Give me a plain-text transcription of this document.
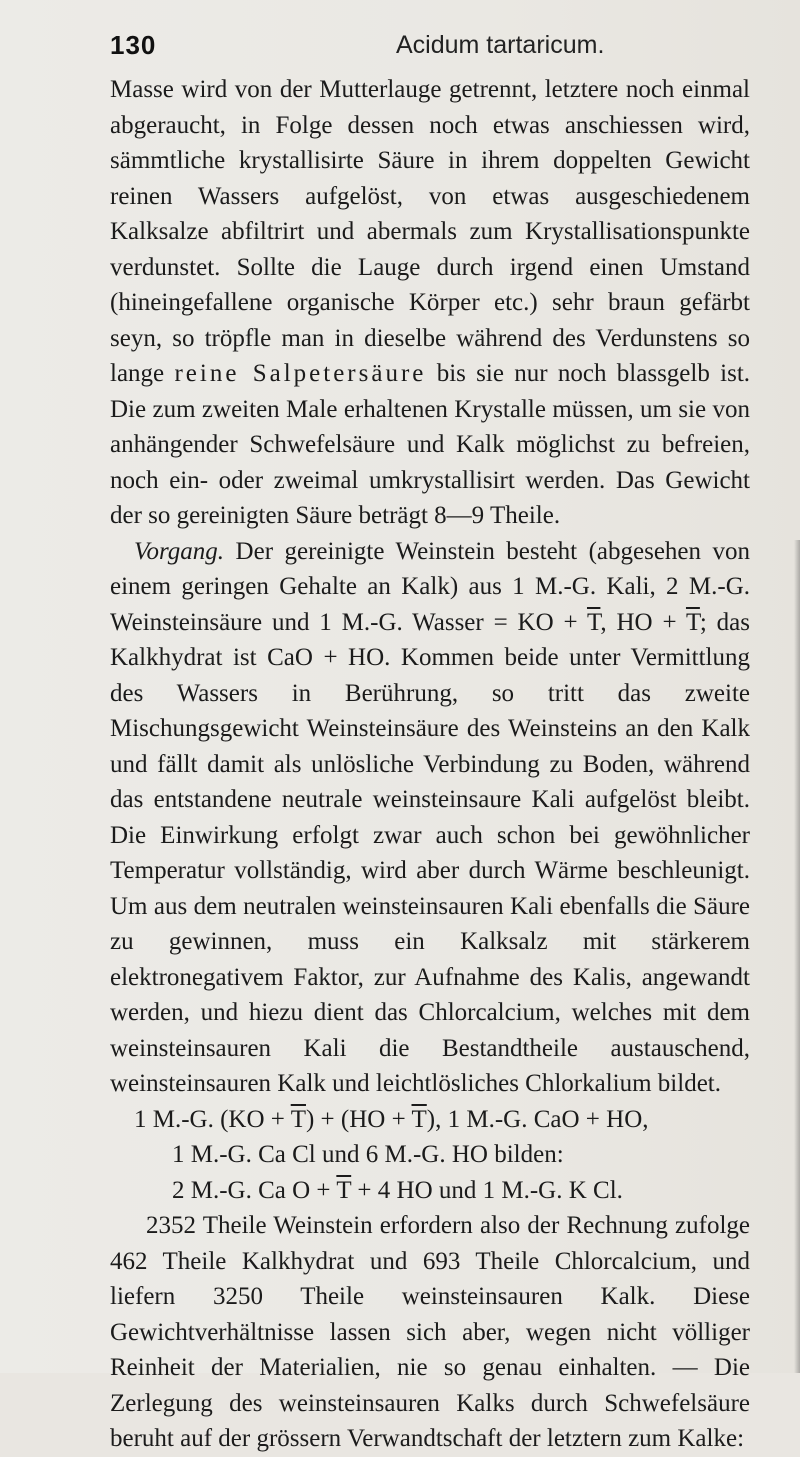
130	Acidum tartaricum.

Masse wird von der Mutterlauge getrennt, letztere noch einmal abgeraucht, in Folge dessen noch etwas anschiessen wird, sämmtliche krystallisirte Säure in ihrem doppelten Gewicht reinen Wassers aufgelöst, von etwas ausgeschiedenem Kalksalze abfiltrirt und abermals zum Krystallisationspunkte verdunstet. Sollte die Lauge durch irgend einen Umstand (hineingefallene organische Körper etc.) sehr braun gefärbt seyn, so tröpfle man in dieselbe während des Verdunstens so lange reine Salpetersäure bis sie nur noch blassgelb ist. Die zum zweiten Male erhaltenen Krystalle müssen, um sie von anhängender Schwefelsäure und Kalk möglichst zu befreien, noch ein- oder zweimal umkrystallisirt werden. Das Gewicht der so gereinigten Säure beträgt 8—9 Theile.

Vorgang. Der gereinigte Weinstein besteht (abgesehen von einem geringen Gehalte an Kalk) aus 1 M.-G. Kali, 2 M.-G. Weinsteinsäure und 1 M.-G. Wasser = KO + $\overline{T}$, HO + $\overline{T}$; das Kalkhydrat ist CaO + HO. Kommen beide unter Vermittlung des Wassers in Berührung, so tritt das zweite Mischungsgewicht Weinsteinsäure des Weinsteins an den Kalk und fällt damit als unlösliche Verbindung zu Boden, während das entstandene neutrale weinsteinsaure Kali aufgelöst bleibt. Die Einwirkung erfolgt zwar auch schon bei gewöhnlicher Temperatur vollständig, wird aber durch Wärme beschleunigt. Um aus dem neutralen weinsteinsauren Kali ebenfalls die Säure zu gewinnen, muss ein Kalksalz mit stärkerem elektronegativem Faktor, zur Aufnahme des Kalis, angewandt werden, und hiezu dient das Chlorcalcium, welches mit dem weinsteinsauren Kali die Bestandtheile austauschend, weinsteinsauren Kalk und leichtlösliches Chlorkalium bildet.

1 M.-G. $(KO + \overline{T}) + (HO + \overline{T})$, 1 M.-G. CaO + HO,

1 M.-G. Ca Cl und 6 M.-G. HO bilden:

2 M.-G. Ca $O + \overline{T} + 4$ HO und 1 M.-G. K Cl.

2352 Theile Weinstein erfordern also der Rechnung zufolge 462 Theile Kalkhydrat und 693 Theile Chlorcalcium, und liefern 3250 Theile weinsteinsauren Kalk. Diese Gewichtverhältnisse lassen sich aber, wegen nicht völliger Reinheit der Materialien, nie so genau einhalten. — Die Zerlegung des weinsteinsauren Kalks durch Schwefelsäure beruht auf der grössern Verwandtschaft der letztern zum Kalke:
